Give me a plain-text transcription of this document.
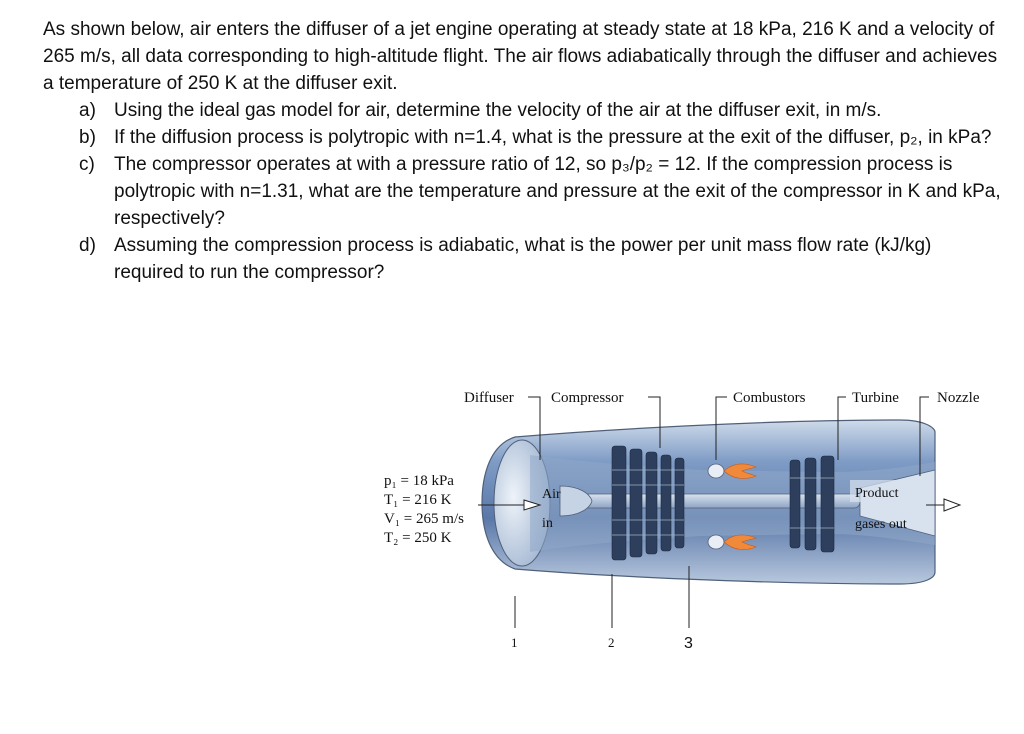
As shown below, air enters the diffuser of a jet engine operating at steady state at 18 kPa, 216 K and a velocity of 265 m/s, all data corresponding to high-altitude flight. The air flows adiabatically through the diffuser and achieves a temperature of 250 K at the diffuser exit.

a) Using the ideal gas model for air, determine the velocity of the air at the diffuser exit, in m/s.
b) If the diffusion process is polytropic with n=1.4, what is the pressure at the exit of the diffuser, p₂, in kPa?
c) The compressor operates at with a pressure ratio of 12, so p₃/p₂ = 12. If the compression process is polytropic with n=1.31, what are the temperature and pressure at the exit of the compressor in K and kPa, respectively?
d) Assuming the compression process is adiabatic, what is the power per unit mass flow rate (kJ/kg) required to run the compressor?
Diffuser Compressor	Combustors	Turbine	Nozzle
p₁ = 18 kPa
T₁ = 216 K
V₁ = 265 m/s
T₂ = 250 K
Air
in
Product
gases out
1	2	3
